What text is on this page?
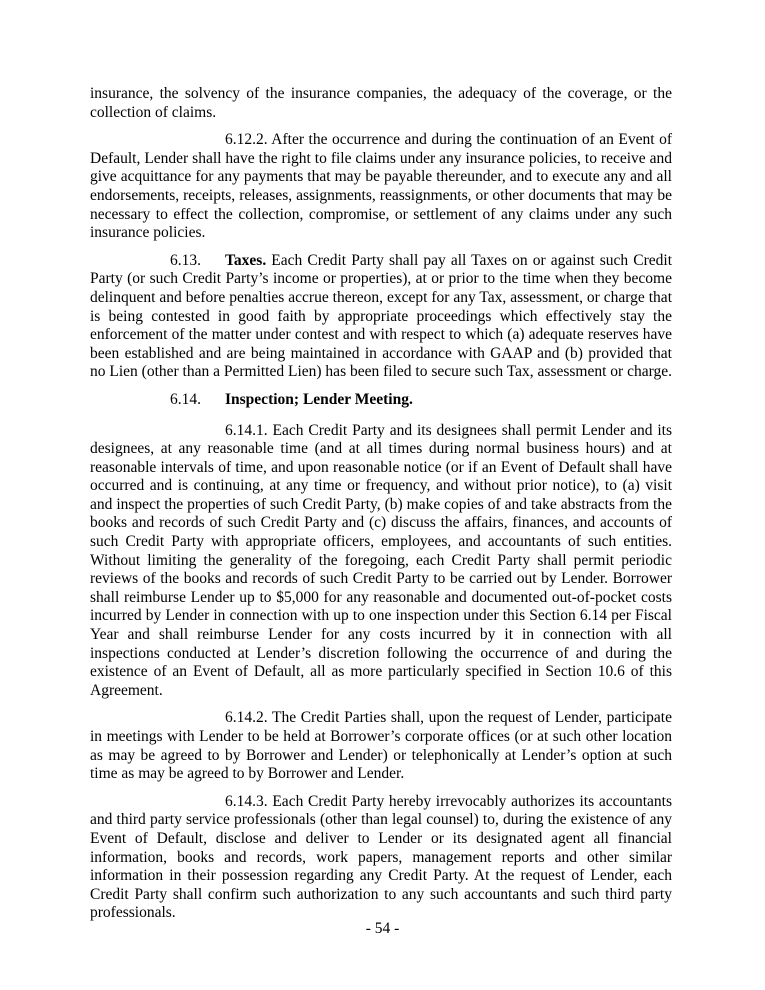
insurance, the solvency of the insurance companies, the adequacy of the coverage, or the collection of claims.

6.12.2. After the occurrence and during the continuation of an Event of Default, Lender shall have the right to file claims under any insurance policies, to receive and give acquittance for any payments that may be payable thereunder, and to execute any and all endorsements, receipts, releases, assignments, reassignments, or other documents that may be necessary to effect the collection, compromise, or settlement of any claims under any such insurance policies.

6.13. Taxes. Each Credit Party shall pay all Taxes on or against such Credit Party (or such Credit Party’s income or properties), at or prior to the time when they become delinquent and before penalties accrue thereon, except for any Tax, assessment, or charge that is being contested in good faith by appropriate proceedings which effectively stay the enforcement of the matter under contest and with respect to which (a) adequate reserves have been established and are being maintained in accordance with GAAP and (b) provided that no Lien (other than a Permitted Lien) has been filed to secure such Tax, assessment or charge.

6.14. Inspection; Lender Meeting.

6.14.1. Each Credit Party and its designees shall permit Lender and its designees, at any reasonable time (and at all times during normal business hours) and at reasonable intervals of time, and upon reasonable notice (or if an Event of Default shall have occurred and is continuing, at any time or frequency, and without prior notice), to (a) visit and inspect the properties of such Credit Party, (b) make copies of and take abstracts from the books and records of such Credit Party and (c) discuss the affairs, finances, and accounts of such Credit Party with appropriate officers, employees, and accountants of such entities. Without limiting the generality of the foregoing, each Credit Party shall permit periodic reviews of the books and records of such Credit Party to be carried out by Lender. Borrower shall reimburse Lender up to $5,000 for any reasonable and documented out-of-pocket costs incurred by Lender in connection with up to one inspection under this Section 6.14 per Fiscal Year and shall reimburse Lender for any costs incurred by it in connection with all inspections conducted at Lender’s discretion following the occurrence of and during the existence of an Event of Default, all as more particularly specified in Section 10.6 of this Agreement.

6.14.2. The Credit Parties shall, upon the request of Lender, participate in meetings with Lender to be held at Borrower’s corporate offices (or at such other location as may be agreed to by Borrower and Lender) or telephonically at Lender’s option at such time as may be agreed to by Borrower and Lender.

6.14.3. Each Credit Party hereby irrevocably authorizes its accountants and third party service professionals (other than legal counsel) to, during the existence of any Event of Default, disclose and deliver to Lender or its designated agent all financial information, books and records, work papers, management reports and other similar information in their possession regarding any Credit Party. At the request of Lender, each Credit Party shall confirm such authorization to any such accountants and such third party professionals.

- 54 -
